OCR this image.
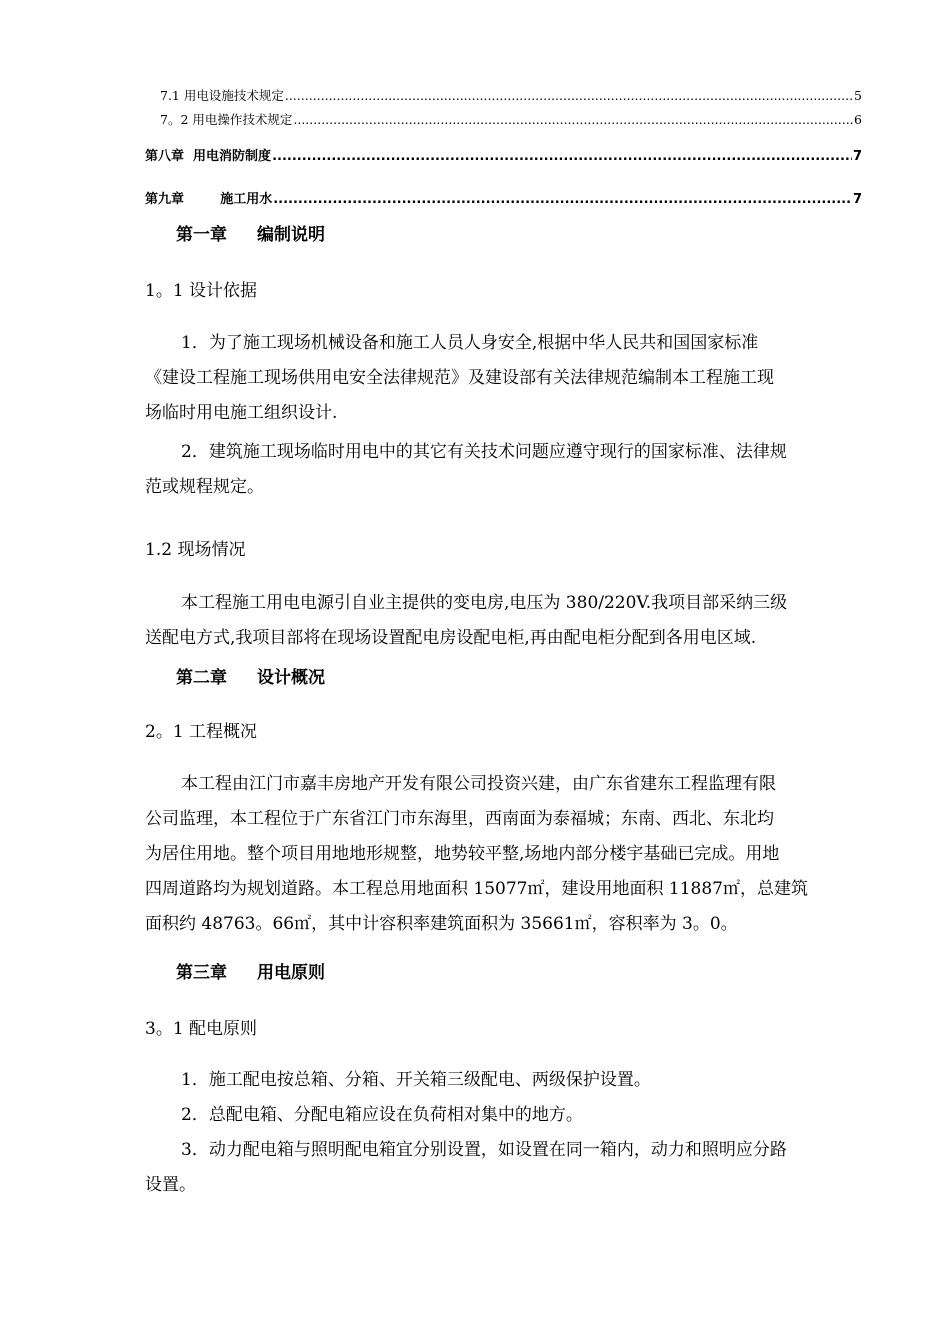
7.1 用电设施技术规定 .....	5
7。2 用电操作技术规定 .....	6
第八章  用电消防制度 .....	7
第九章        施工用水 .....	7
第一章 编制说明
1。1 设计依据
1．为了施工现场机械设备和施工人员人身安全,根据中华人民共和国国家标准
《建设工程施工现场供用电安全法律规范》及建设部有关法律规范编制本工程施工现
场临时用电施工组织设计.
2．建筑施工现场临时用电中的其它有关技术问题应遵守现行的国家标准、法律规
范或规程规定。
1.2 现场情况
本工程施工用电电源引自业主提供的变电房,电压为 380/220V.我项目部采纳三级
送配电方式,我项目部将在现场设置配电房设配电柜,再由配电柜分配到各用电区域.
第二章 设计概况
2。1 工程概况
本工程由江门市嘉丰房地产开发有限公司投资兴建，由广东省建东工程监理有限
公司监理，本工程位于广东省江门市东海里，西南面为泰福城；东南、西北、东北均
为居住用地。整个项目用地地形规整，地势较平整,场地内部分楼宇基础已完成。用地
四周道路均为规划道路。本工程总用地面积 15077㎡，建设用地面积 11887㎡，总建筑
面积约 48763。66㎡，其中计容积率建筑面积为 35661㎡，容积率为 3。0。
第三章 用电原则
3。1 配电原则
1．施工配电按总箱、分箱、开关箱三级配电、两级保护设置。
2．总配电箱、分配电箱应设在负荷相对集中的地方。
3．动力配电箱与照明配电箱宜分别设置，如设置在同一箱内，动力和照明应分路
设置。
